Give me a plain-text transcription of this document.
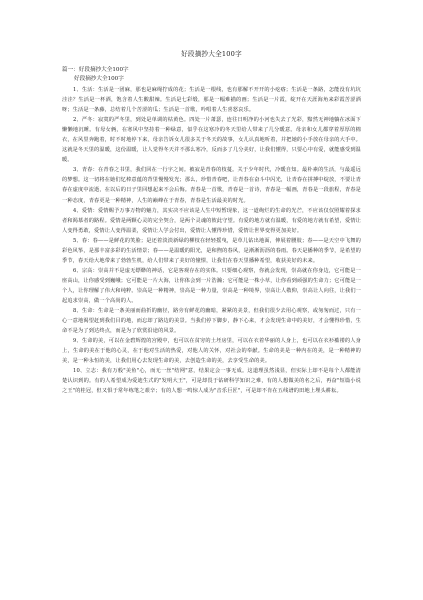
好段摘抄大全100字
篇一：好段摘抄大全100字
好段摘抄大全100字

1、生活：生活是一团麻，那也是麻绳拧成的花；生活是一根线，也有那解不开开的小疙瘩；生活是一条路，怎能没有坑坑洼洼？生活是一杯酒，饱含着人生酸甜辣。生活是七彩缎，那是一幅难描的画；生活是一片霞，绽开在天涯海角来彩霞苦涩酒呀；生活是一条藤，总结着几个苦涩的瓜；生活是一首歌，吟唱着人生喜怒哀乐。

2、严冬：寂寞的严冬里，到处是单调的枯黄色。四处一片萧瑟，连往日明净的小河也失去了光彩，黯然无神地躺在冰面下懒懒地沉睡。有母女俩，在寒风中坚持着一种绿意，似乎在这寒冷的冬天里给人带来了几分暖意。母亲和女儿都穿着厚厚的棉衣，在风里奔跑着，时不时地停下来，母亲告诉女儿很多关于冬天的故事，女儿认真地听着，并把她的小手放在母亲的大手中。这就是冬天里的温暖，这份温暖，让人觉得冬天并不那么寒冷，反而多了几分美好，让我们懂得，只要心中有爱，就能感受到温暖。

3、青春：在青春之书里，我们回在一行字之间。被寂是青春的枝蔓。关于少年时代，冷暖自知。最朴素的生活，与最遥远的梦想。这一切将在她们忆棒意蕴的背里慢慢发光；那么，珍惜青春吧，让青春在奋斗中闪光，让青春在拼搏中绽放，不要让青春在虚度中流逝，在以后的日子里回想起来不会后悔。青春是一首歌，青春是一首诗，青春是一幅画，青春是一段旅程，青春是一种态度，青春更是一种精神，人生的巅峰在于青春，青春是生活最美的时光。

4、爱情：爱情赐予万事万物的魅力，其实决不应该是人生中短暂现象，这一道绚烂的生命的光芒，不应该仅仅照耀着探求者和渴慕者的路程。爱情是两颗心灵的完全契合，是两个灵魂的彼此守望。有爱的地方就有温暖，有爱的地方就有希望，爱情让人变得勇敢，爱情让人变得温柔，爱情让人学会付出，爱情让人懂得珍惜，爱情让世界变得更加美好。

5、春：春——是鲜花的笑脸；是还着淡淡新绿的柳枝在轻轻摇曳，是草儿钻出地面，伸展着腰肢；春——是天空中飞舞的彩色风筝，是那丰富多彩的生活情景；春——是温暖的阳光，是和煦的春风，是淅淅沥沥的春雨。春天是播种的季节，是希望的季节，春天给大地带来了勃勃生机，给人们带来了美好的憧憬，让我们在春天里播种希望，收获美好的未来。

6、宗高：崇高并不是虚无缥缈的神话，它是客观存在的实体。只要细心观察，你就会发现，崇高就在你身边，它可能是一座高山，让你感受到巍峨；它可能是一片大海，让你体会到一片浩瀚；它可能是一株小草，让你看到顽强的生命力；它可能是一个人，让你理解了伟大和纯粹。崇高是一种精神，崇高是一种力量，崇高是一种境界，崇高让人敬仰，崇高让人向往，让我们一起追求崇高，做一个高尚的人。

8、生命：生命是一条美丽而曲折的幽径，路旁有鲜花的幽暗，紧紧的美景，但我们很少去用心观察，或匆匆而过，只有一心一意地渴望赶到我们目的地，而忘却了路边的美景。当我们停下脚步，静下心来，才会发现生命中的美好，才会懂得珍惜，生命不是为了到达终点，而是为了欣赏沿途的风景。

9、生命的美，可以在金碧辉煌的宫殿中，也可以在贫穷的土坯房里，可以在衣着华丽的人身上，也可以在衣衫褴褛的人身上，生命的美在于他的心灵，在于他对生活的热爱，对他人的关怀，对社会的奉献。生命的美是一种内在的美，是一种精神的美，是一种永恒的美，让我们用心去发现生命的美，去创造生命的美，去享受生命的美。

10、立志：我有万般"美鱼"心，而无一丝"结网"意，结果定会一事无成。这道理虽然浅显，但实际上却不是每个人都能清楚认识到的。有的人希望成为爱迪生式的"发明大王"，可是却畏于钻研科学知识之难，有的人想做美的名之后，再奋"短篇小说之王"的桂冠，但又惧于常年练笔之艰辛；有的人想一鸣惊人成为"音乐巨匠"，可是却不肯在五线谱的田地上埋头耕耘。
